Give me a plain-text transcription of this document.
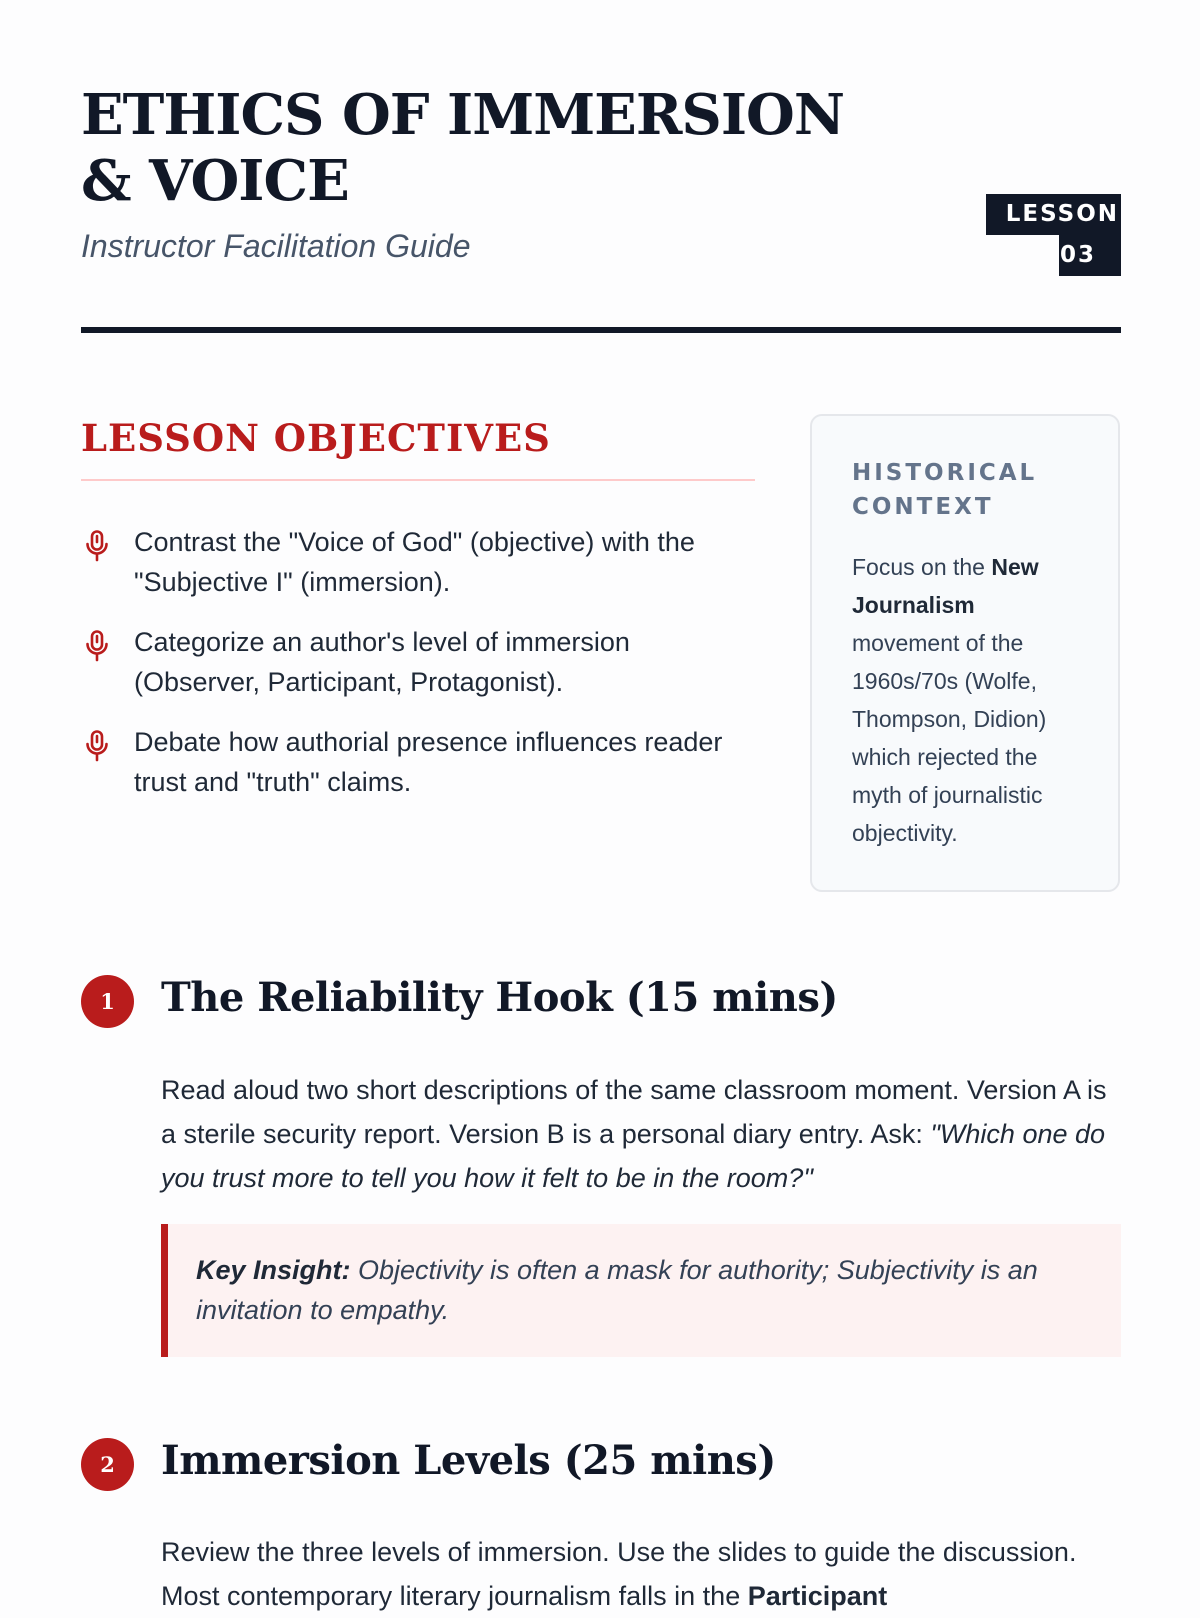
ETHICS OF IMMERSION & VOICE
Instructor Facilitation Guide
LESSON
03
LESSON OBJECTIVES
Contrast the "Voice of God" (objective) with the "Subjective I" (immersion).
Categorize an author's level of immersion (Observer, Participant, Protagonist).
Debate how authorial presence influences reader trust and "truth" claims.
HISTORICAL CONTEXT
Focus on the New Journalism movement of the 1960s/70s (Wolfe, Thompson, Didion) which rejected the myth of journalistic objectivity.
1	The Reliability Hook (15 mins)
Read aloud two short descriptions of the same classroom moment. Version A is a sterile security report. Version B is a personal diary entry. Ask: "Which one do you trust more to tell you how it felt to be in the room?"
Key Insight: Objectivity is often a mask for authority; Subjectivity is an invitation to empathy.
2	Immersion Levels (25 mins)
Review the three levels of immersion. Use the slides to guide the discussion. Most contemporary literary journalism falls in the Participant
